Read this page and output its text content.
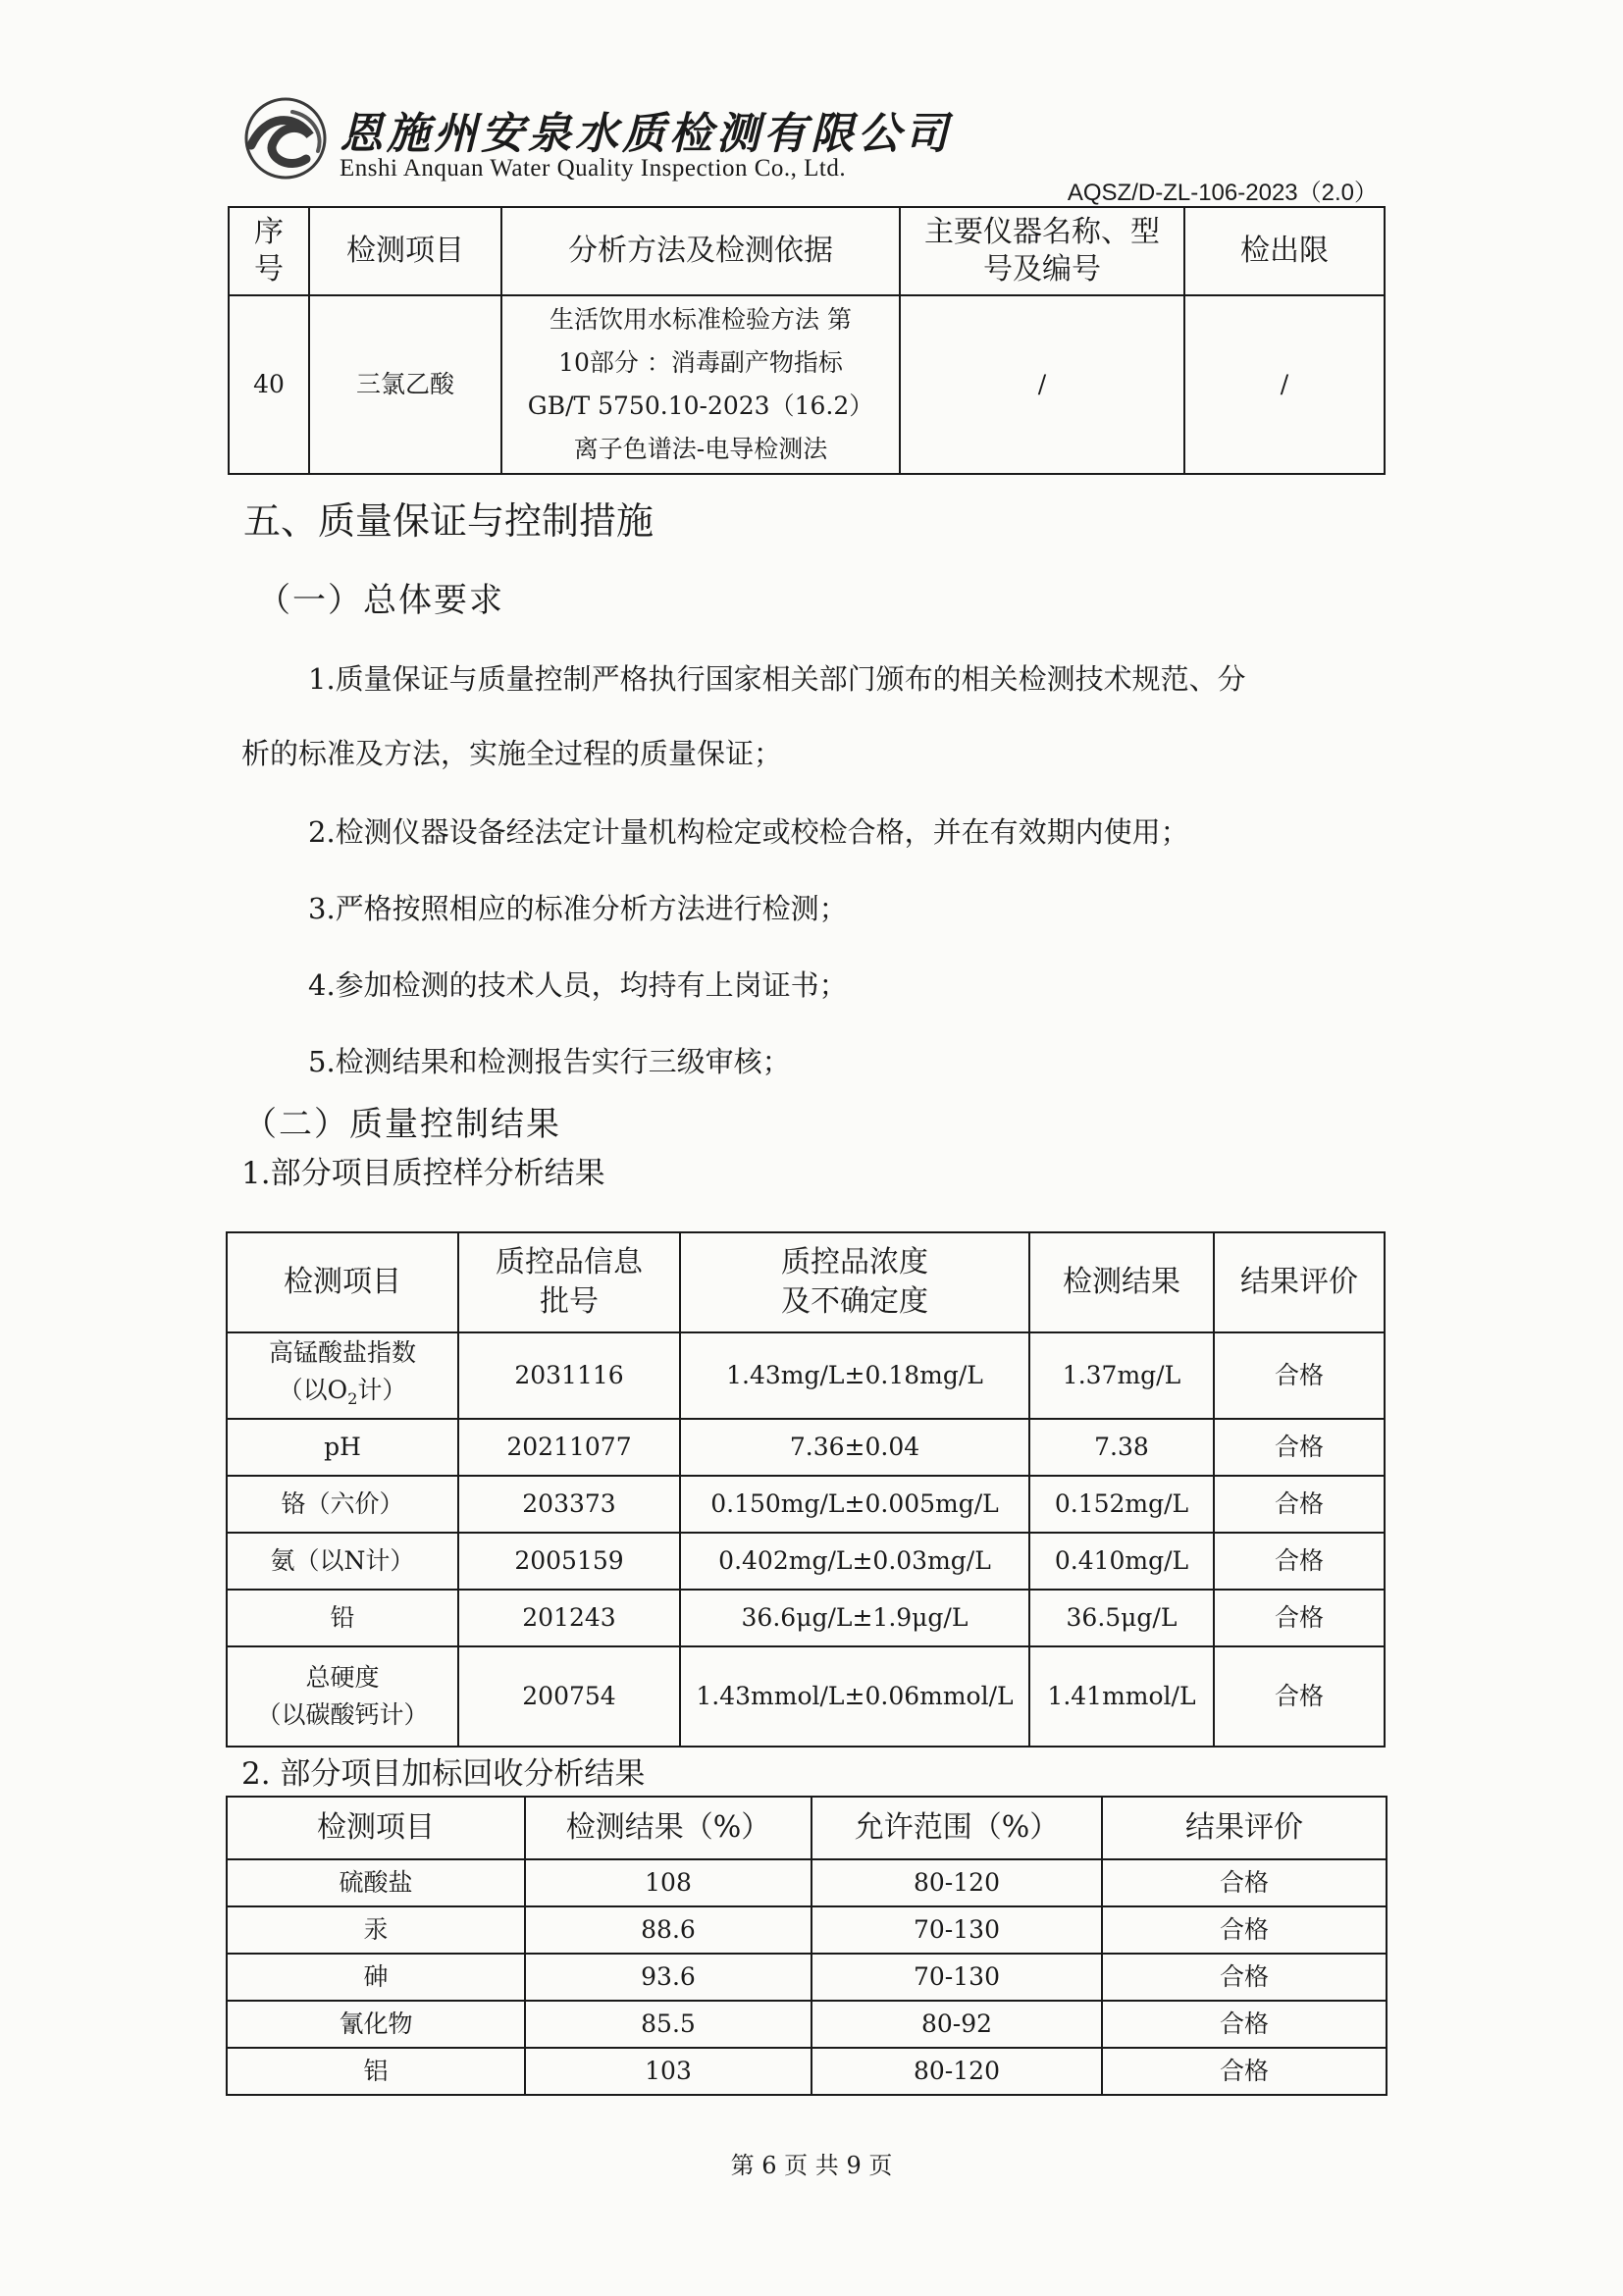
恩施州安泉水质检测有限公司
Enshi Anquan Water Quality Inspection Co., Ltd.
AQSZ/D-ZL-106-2023（2.0）
序号	检测项目	分析方法及检测依据	主要仪器名称、型号及编号	检出限
40	三氯乙酸	生活饮用水标准检验方法 第
10部分 ：消毒副产物指标
GB/T 5750.10-2023（16.2）
离子色谱法-电导检测法	/	/
五、质量保证与控制措施
（一）总体要求
1.质量保证与质量控制严格执行国家相关部门颁布的相关检测技术规范、分
析的标准及方法，实施全过程的质量保证；
2.检测仪器设备经法定计量机构检定或校检合格，并在有效期内使用；
3.严格按照相应的标准分析方法进行检测；
4.参加检测的技术人员，均持有上岗证书；
5.检测结果和检测报告实行三级审核；
（二）质量控制结果
1.部分项目质控样分析结果
检测项目	质控品信息批号	质控品浓度及不确定度	检测结果	结果评价

高锰酸盐指数
（以$O_2$计）	2031116	1.43mg/L±0.18mg/L	1.37mg/L	合格
pH	20211077	7.36±0.04	7.38	合格
铬（六价）	203373	0.150mg/L±0.005mg/L	0.152mg/L	合格
氨（以N计）	2005159	0.402mg/L±0.03mg/L	0.410mg/L	合格
铅	201243	36.6μg/L±1.9μg/L	36.5μg/L	合格

总硬度
（以碳酸钙计）	200754	1.43mmol/L±0.06mmol/L	1.41mmol/L	合格
2. 部分项目加标回收分析结果
检测项目	检测结果（%）	允许范围（%）	结果评价
硫酸盐	108	80-120	合格
汞	88.6	70-130	合格
砷	93.6	70-130	合格
氰化物	85.5	80-92	合格
铝	103	80-120	合格
第 6 页 共 9 页
